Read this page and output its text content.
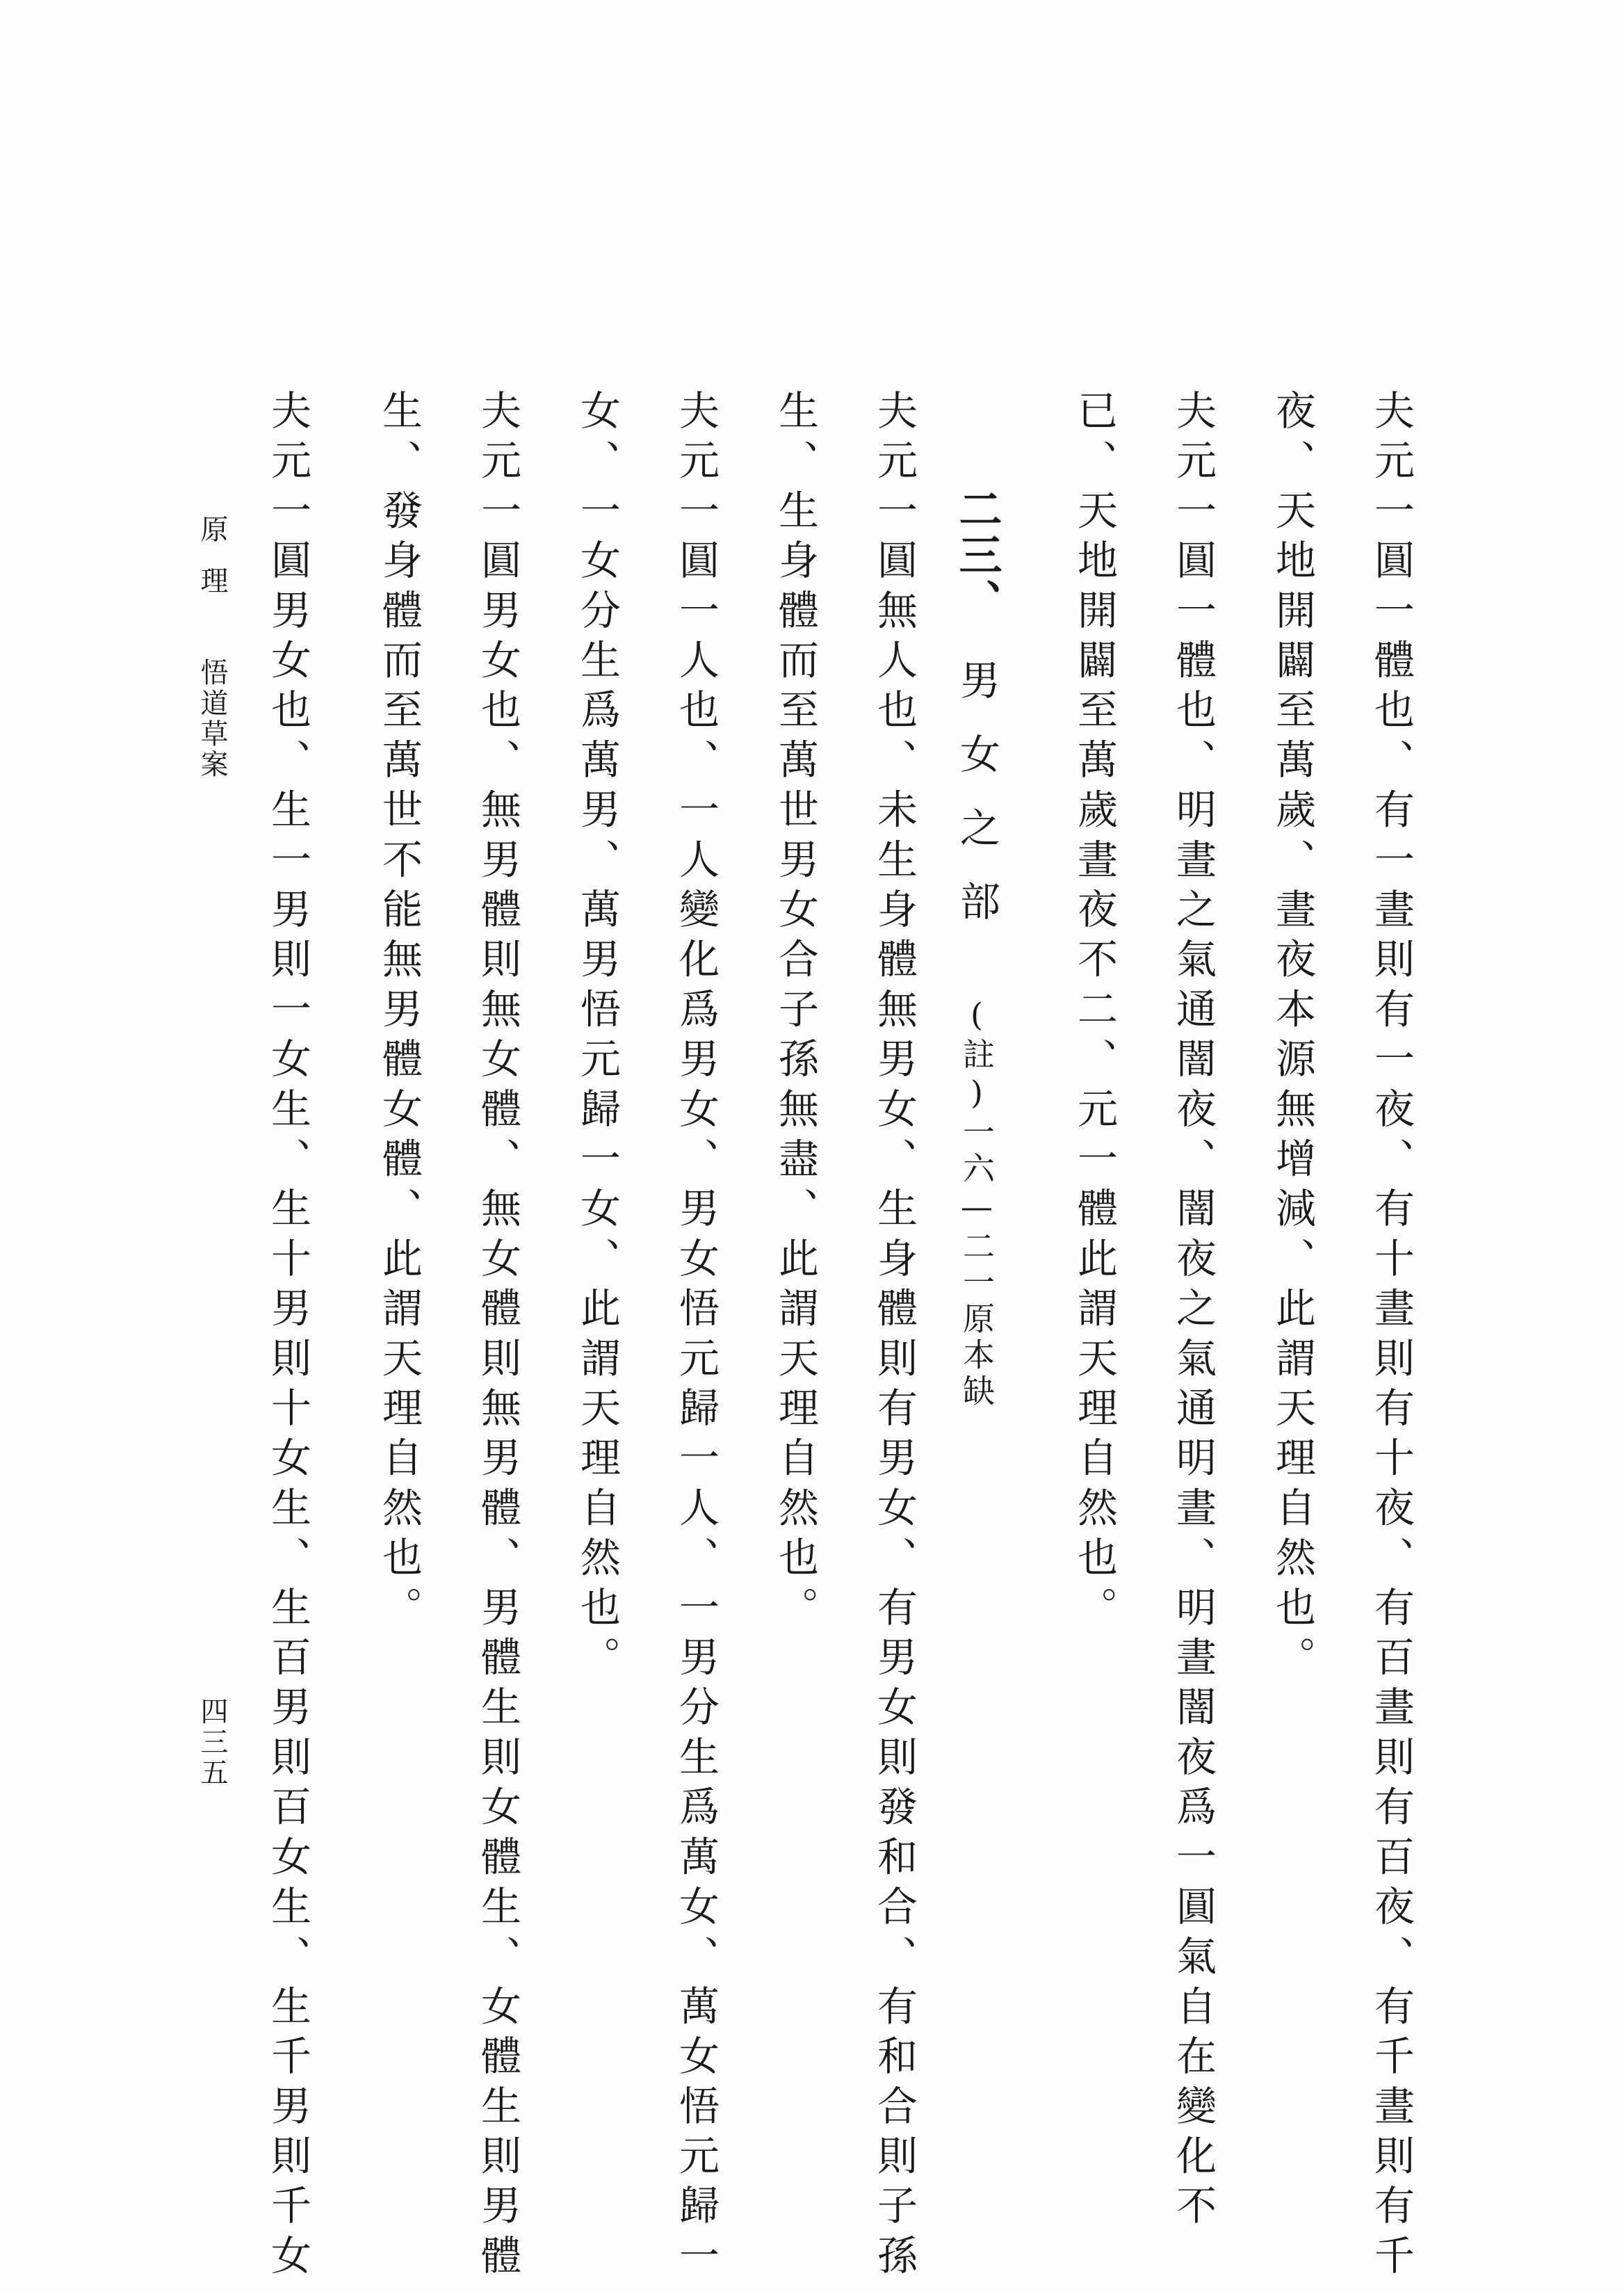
夫元一圓一體也、有一晝則有一夜、有十晝則有十夜、有百晝則有百夜、有千晝則有千
夜、天地開闢至萬歲、晝夜本源無增減、此謂天理自然也。
夫元一圓一體也、明晝之氣通闇夜、闇夜之氣通明晝、明晝闇夜爲一圓氣自在變化不
已、天地開闢至萬歲晝夜不二、元一體此謂天理自然也。
二三、男女之部(註)一六—二一原本缺
夫元一圓無人也、未生身體無男女、生身體則有男女、有男女則發和合、有和合則子孫
生、生身體而至萬世男女合子孫無盡、此謂天理自然也。
夫元一圓一人也、一人變化爲男女、男女悟元歸一人、一男分生爲萬女、萬女悟元歸一
女、一女分生爲萬男、萬男悟元歸一女、此謂天理自然也。
夫元一圓男女也、無男體則無女體、無女體則無男體、男體生則女體生、女體生則男體
生、發身體而至萬世不能無男體女體、此謂天理自然也。
夫元一圓男女也、生一男則一女生、生十男則十女生、生百男則百女生、生千男則千女
原理悟道草案
四三五
